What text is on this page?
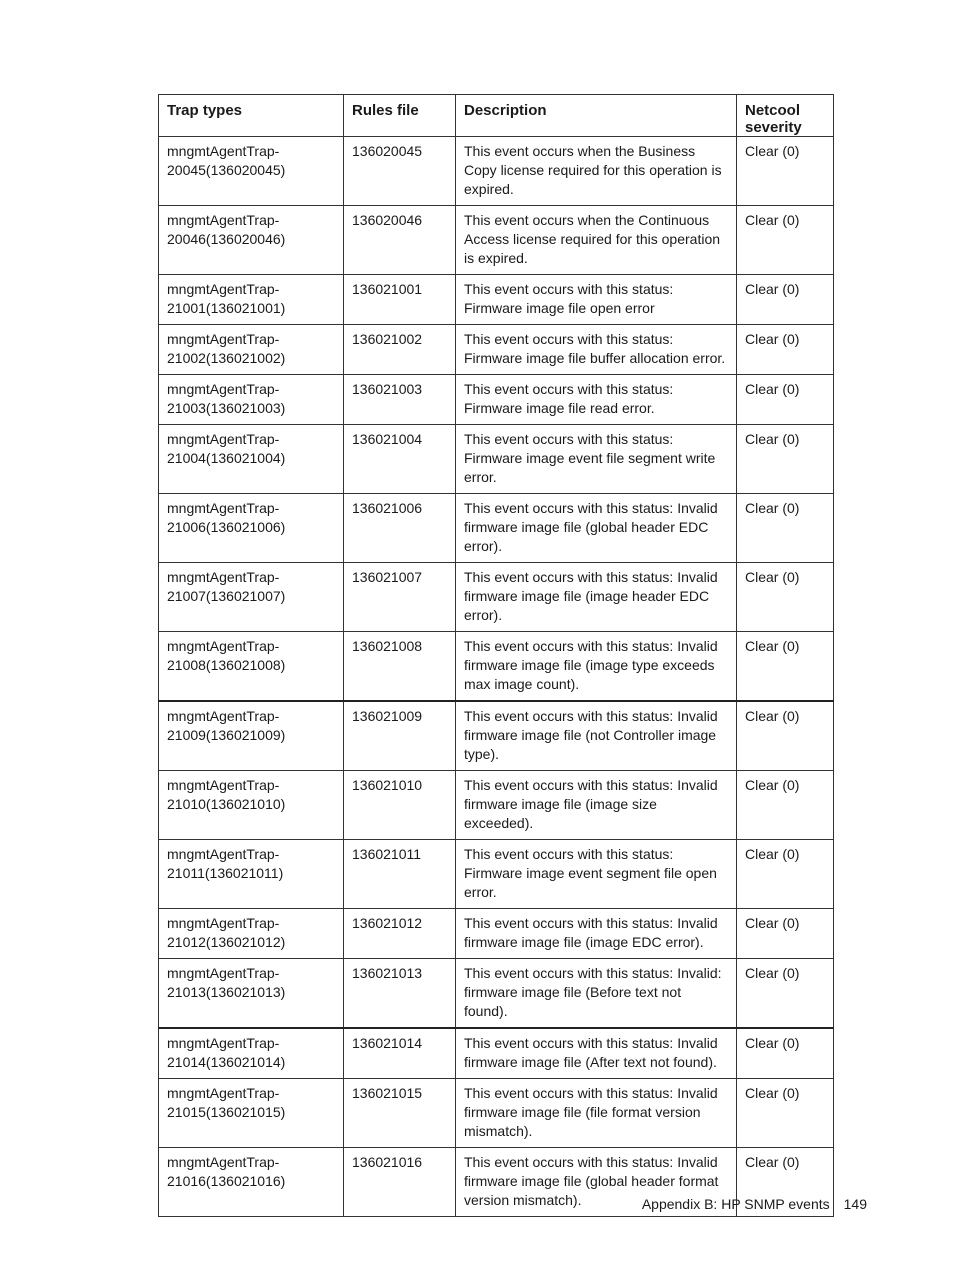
Trap types	Rules file	Description	Netcool severity
mngmtAgentTrap-20045(136020045)	136020045	This event occurs when the Business Copy license required for this operation is expired.	Clear (0)
mngmtAgentTrap-20046(136020046)	136020046	This event occurs when the Continuous Access license required for this operation is expired.	Clear (0)
mngmtAgentTrap-21001(136021001)	136021001	This event occurs with this status: Firmware image file open error	Clear (0)
mngmtAgentTrap-21002(136021002)	136021002	This event occurs with this status: Firmware image file buffer allocation error.	Clear (0)
mngmtAgentTrap-21003(136021003)	136021003	This event occurs with this status: Firmware image file read error.	Clear (0)
mngmtAgentTrap-21004(136021004)	136021004	This event occurs with this status: Firmware image event file segment write error.	Clear (0)
mngmtAgentTrap-21006(136021006)	136021006	This event occurs with this status: Invalid firmware image file (global header EDC error).	Clear (0)
mngmtAgentTrap-21007(136021007)	136021007	This event occurs with this status: Invalid firmware image file (image header EDC error).	Clear (0)
mngmtAgentTrap-21008(136021008)	136021008	This event occurs with this status: Invalid firmware image file (image type exceeds max image count).	Clear (0)
mngmtAgentTrap-21009(136021009)	136021009	This event occurs with this status: Invalid firmware image file (not Controller image type).	Clear (0)
mngmtAgentTrap-21010(136021010)	136021010	This event occurs with this status: Invalid firmware image file (image size exceeded).	Clear (0)
mngmtAgentTrap-21011(136021011)	136021011	This event occurs with this status: Firmware image event segment file open error.	Clear (0)
mngmtAgentTrap-21012(136021012)	136021012	This event occurs with this status: Invalid firmware image file (image EDC error).	Clear (0)
mngmtAgentTrap-21013(136021013)	136021013	This event occurs with this status: Invalid: firmware image file (Before text not found).	Clear (0)
mngmtAgentTrap-21014(136021014)	136021014	This event occurs with this status: Invalid firmware image file (After text not found).	Clear (0)
mngmtAgentTrap-21015(136021015)	136021015	This event occurs with this status: Invalid firmware image file (file format version mismatch).	Clear (0)
mngmtAgentTrap-21016(136021016)	136021016	This event occurs with this status: Invalid firmware image file (global header format version mismatch).	Clear (0)
Appendix B: HP SNMP events 149
